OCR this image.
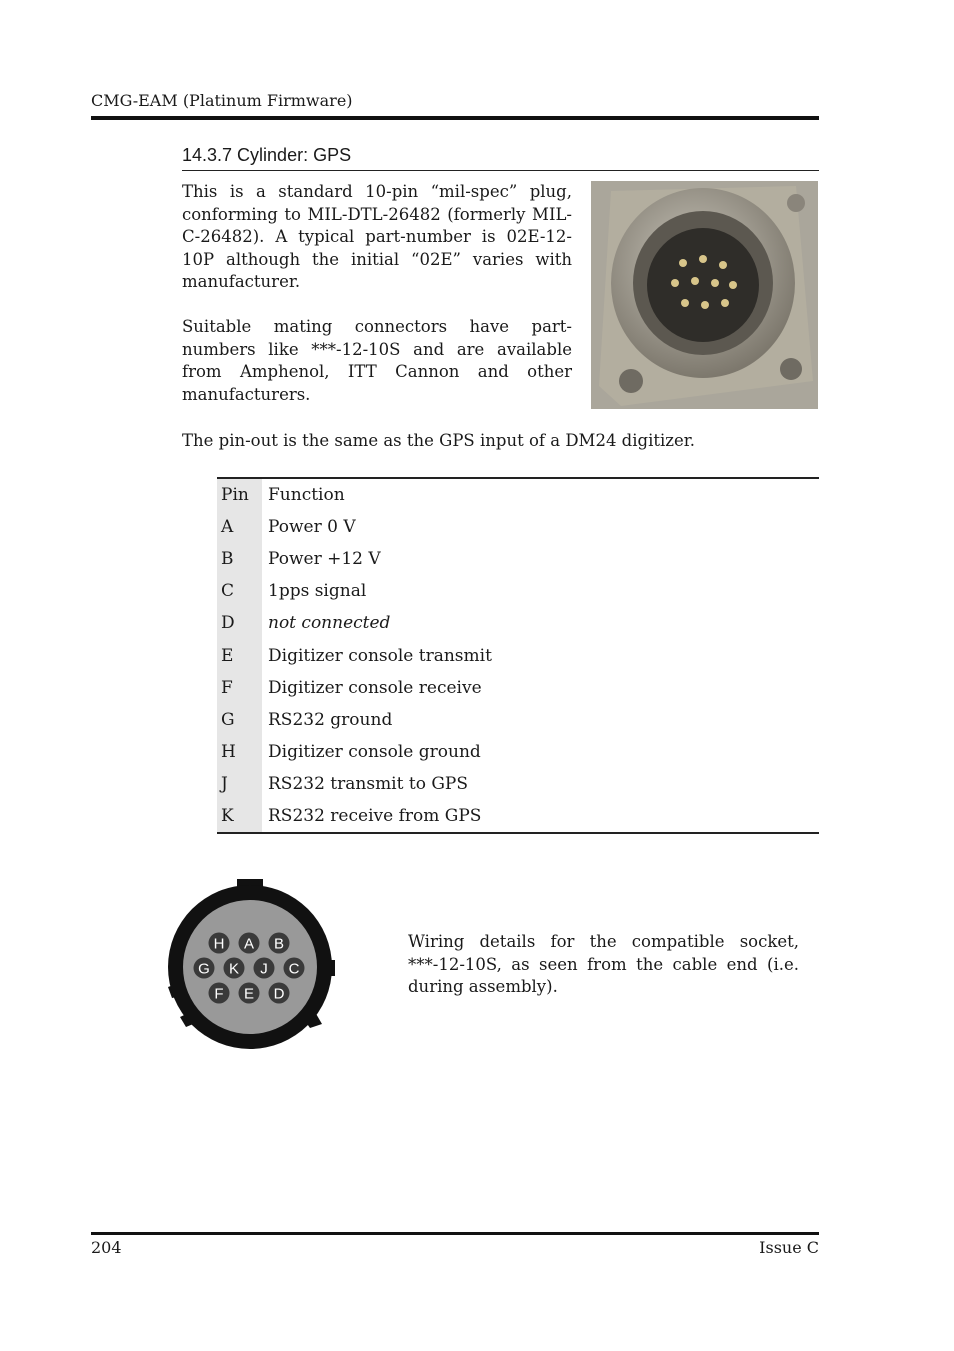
CMG-EAM (Platinum Firmware)
14.3.7 Cylinder: GPS

This is a standard 10-pin “mil-spec” plug, conforming to MIL-DTL-26482 (formerly MIL-C-26482). A typical part-number is 02E-12-10P although the initial “02E” varies with manufacturer.

Suitable mating connectors have part-numbers like ***-12-10S and are available from Amphenol, ITT Cannon and other manufacturers.

The pin-out is the same as the GPS input of a DM24 digitizer.

Pin	Function
A	Power 0 V
B	Power +12 V
C	1pps signal
D	not connected
E	Digitizer console transmit
F	Digitizer console receive
G	RS232 ground
H	Digitizer console ground
J	RS232 transmit to GPS
K	RS232 receive from GPS
H A B
G K J C
F E D

Wiring details for the compatible socket, ***-12-10S, as seen from the cable end (i.e. during assembly).

204	Issue C
